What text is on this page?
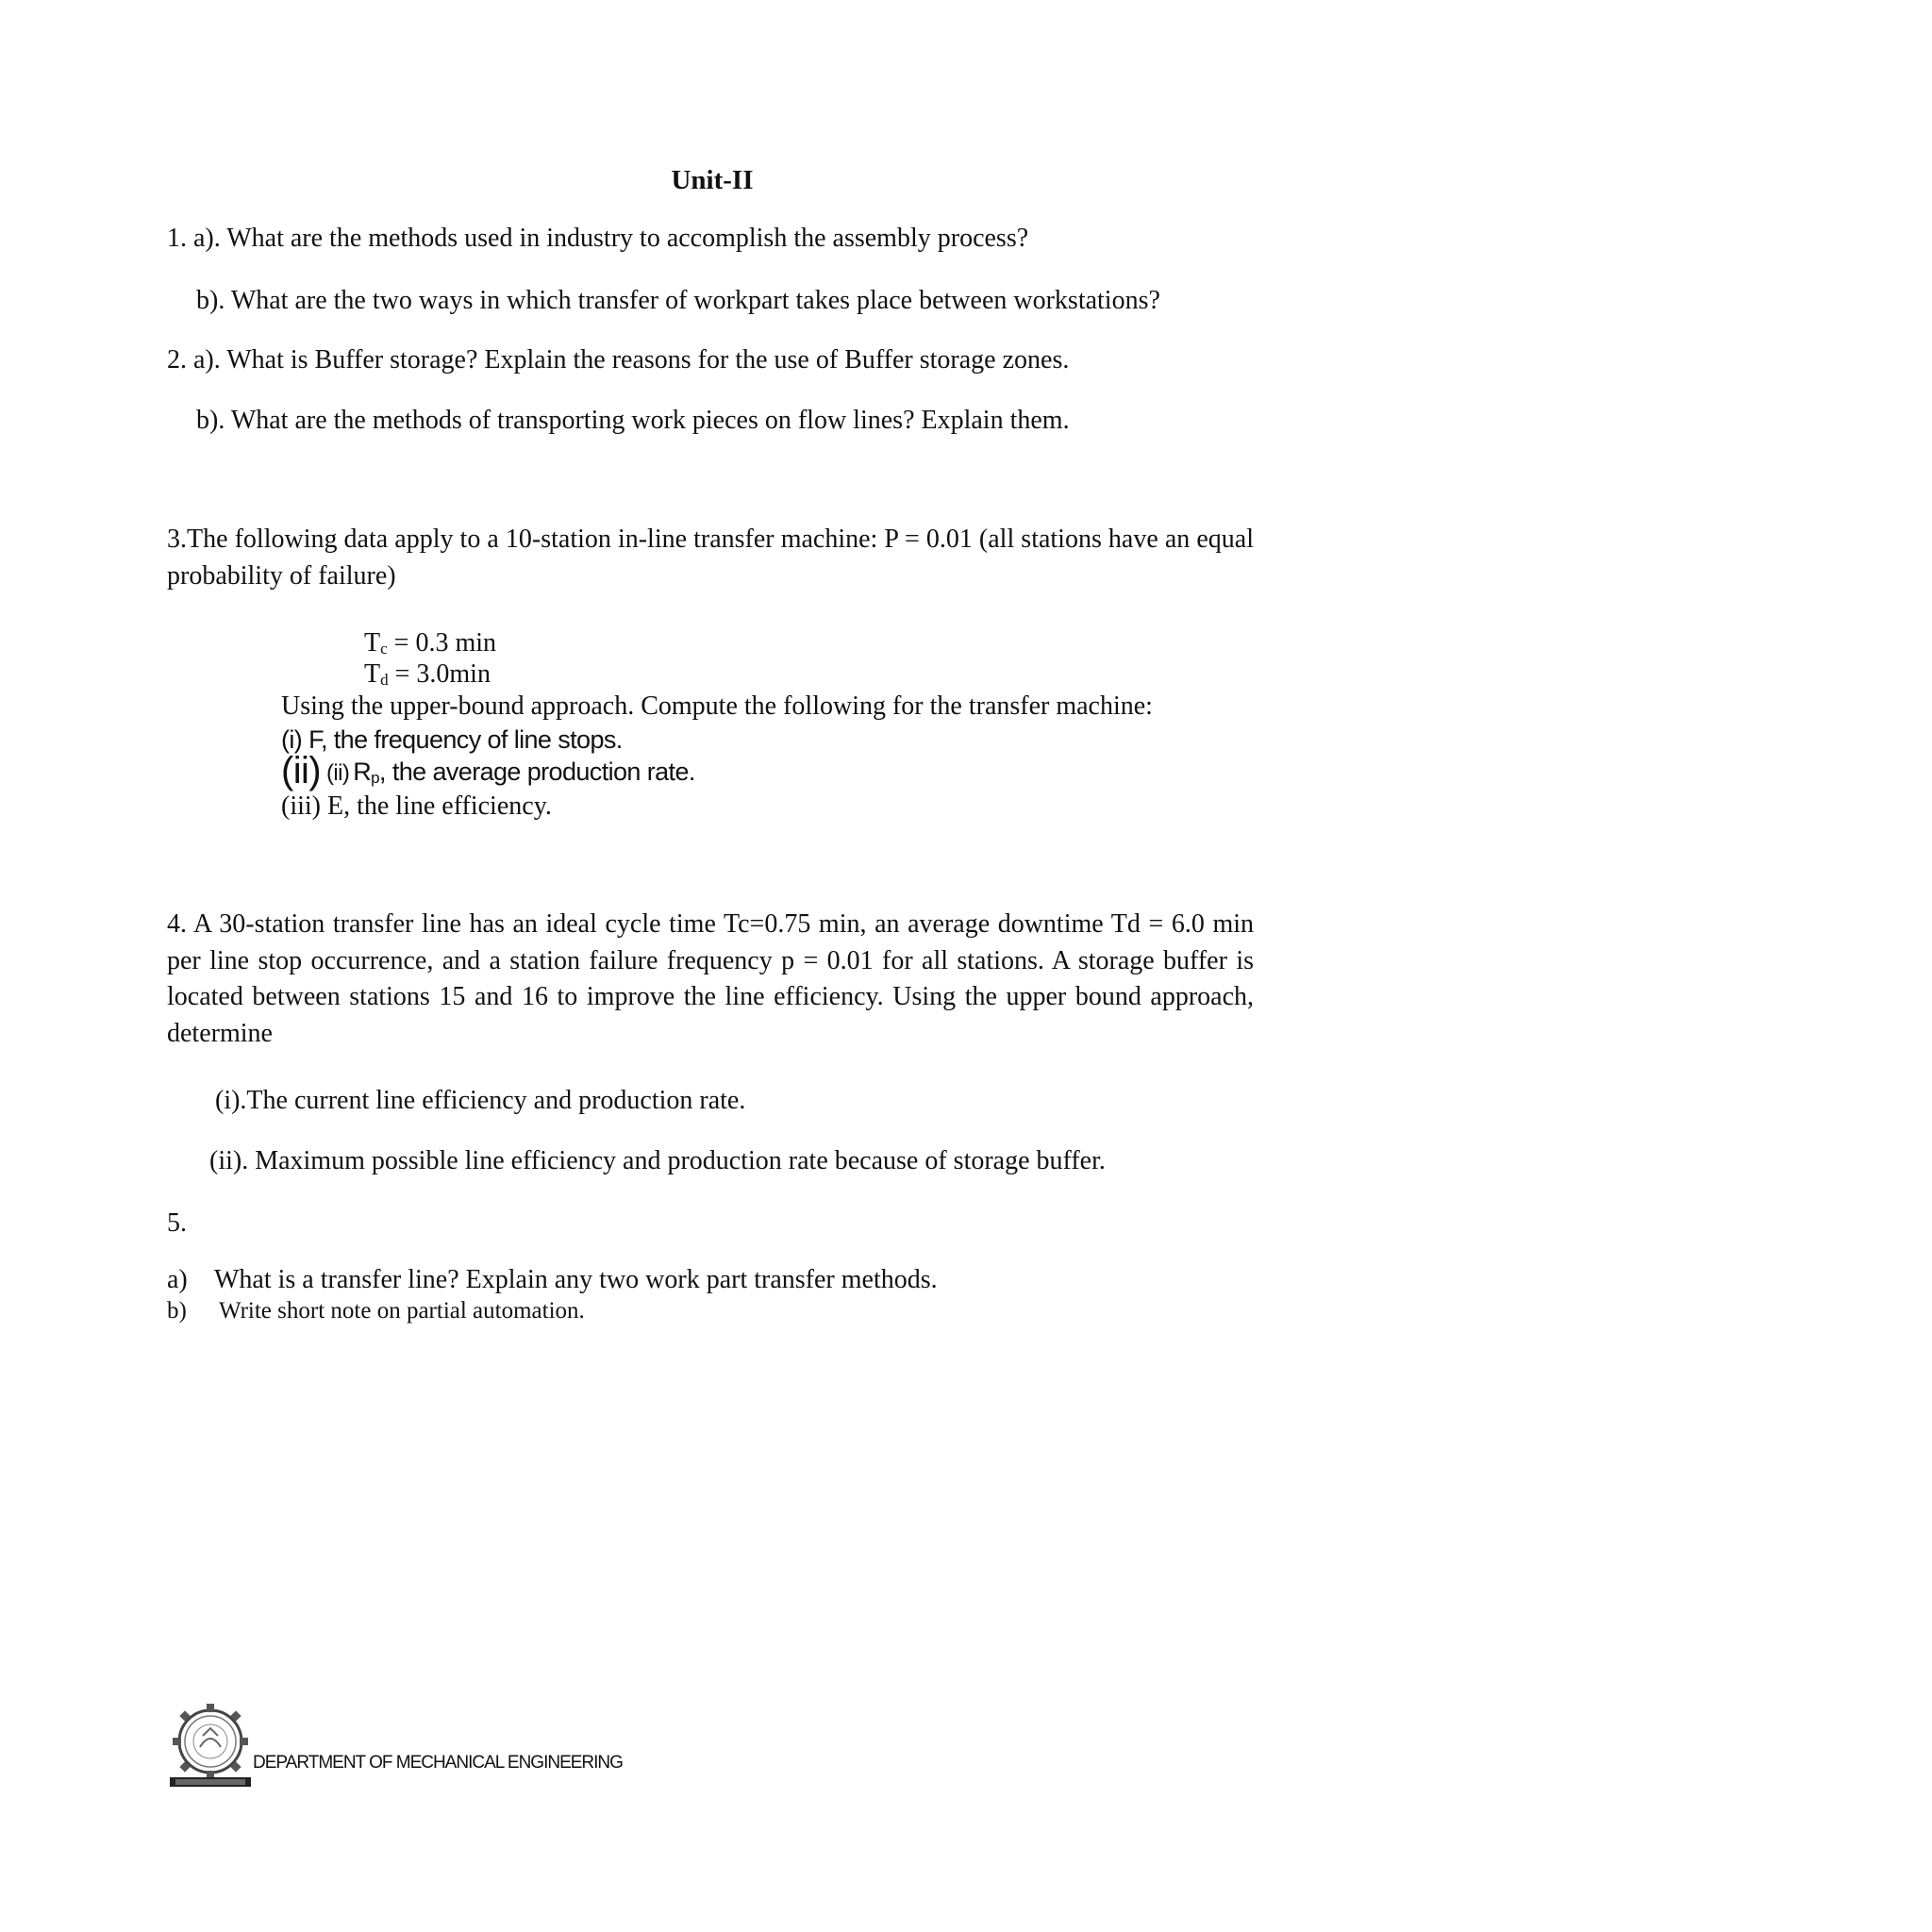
Unit-II
1. a). What are the methods used in industry to accomplish the assembly process?
b). What are the two ways in which transfer of workpart takes place between workstations?
2. a). What is Buffer storage? Explain the reasons for the use of Buffer storage zones.
b). What are the methods of transporting work pieces on flow lines? Explain them.
3.The following data apply to a 10-station in-line transfer machine: P = 0.01 (all stations have an equal probability of failure)
$T_c = 0.3$ min
$T_d = 3.0\min$
Using the upper-bound approach. Compute the following for the transfer machine:
(i) F, the frequency of line stops.
(ii) (ii) $R_p$, the average production rate.
(iii) E, the line efficiency.
4. A 30-station transfer line has an ideal cycle time Tc=0.75 min, an average downtime Td = 6.0 min per line stop occurrence, and a station failure frequency p = 0.01 for all stations. A storage buffer is located between stations 15 and 16 to improve the line efficiency. Using the upper bound approach, determine
(i).The current line efficiency and production rate.
(ii). Maximum possible line efficiency and production rate because of storage buffer.
5.
a) What is a transfer line? Explain any two work part transfer methods.
b) Write short note on partial automation.
DEPARTMENT OF MECHANICAL ENGINEERING
